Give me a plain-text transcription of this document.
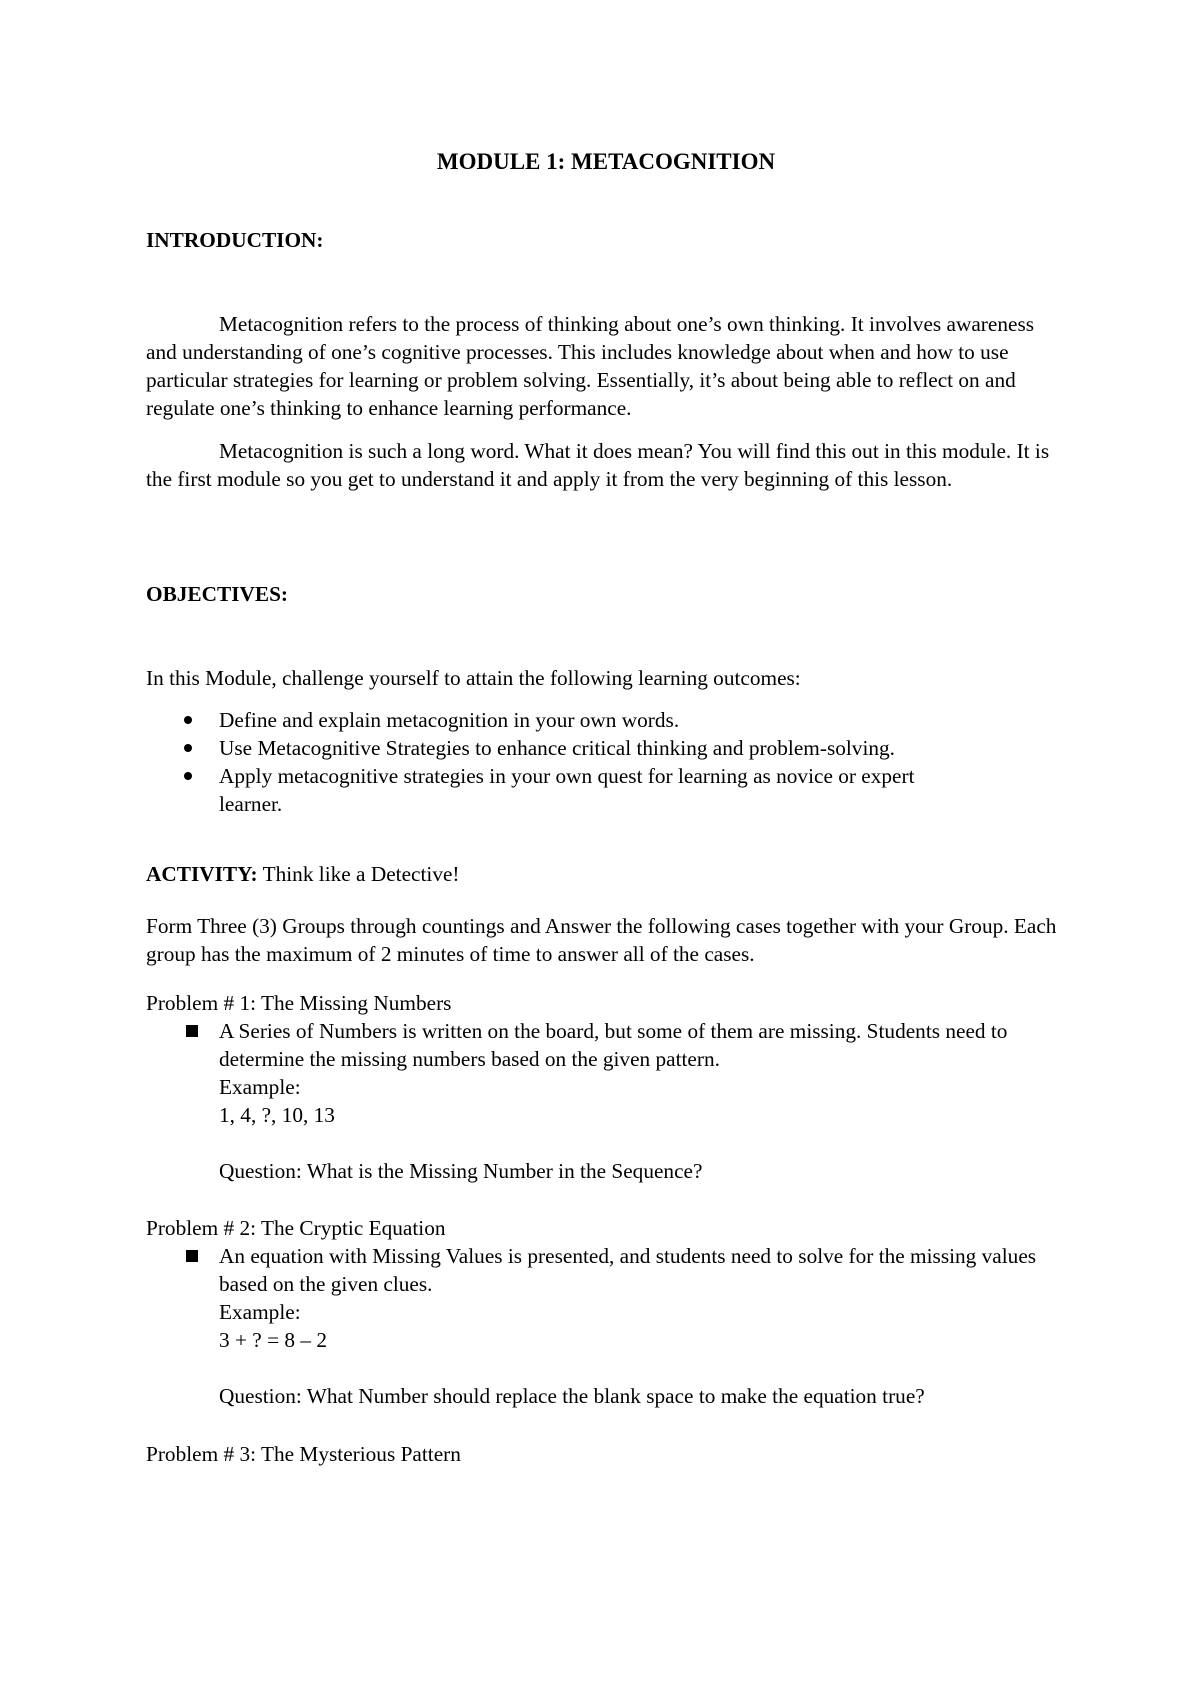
MODULE 1: METACOGNITION
INTRODUCTION:

Metacognition refers to the process of thinking about one’s own thinking. It involves awareness and understanding of one’s cognitive processes. This includes knowledge about when and how to use particular strategies for learning or problem solving. Essentially, it’s about being able to reflect on and regulate one’s thinking to enhance learning performance.

Metacognition is such a long word. What it does mean? You will find this out in this module. It is the first module so you get to understand it and apply it from the very beginning of this lesson.

OBJECTIVES:

In this Module, challenge yourself to attain the following learning outcomes:

Define and explain metacognition in your own words.
Use Metacognitive Strategies to enhance critical thinking and problem-solving.
Apply metacognitive strategies in your own quest for learning as novice or expert learner.

ACTIVITY: Think like a Detective!

Form Three (3) Groups through countings and Answer the following cases together with your Group. Each group has the maximum of 2 minutes of time to answer all of the cases.

Problem # 1: The Missing Numbers
A Series of Numbers is written on the board, but some of them are missing. Students need to determine the missing numbers based on the given pattern.
Example:
1, 4, ?, 10, 13
Question: What is the Missing Number in the Sequence?
Problem # 2: The Cryptic Equation
An equation with Missing Values is presented, and students need to solve for the missing values based on the given clues.
Example:
3 + ? = 8 – 2
Question: What Number should replace the blank space to make the equation true?
Problem # 3: The Mysterious Pattern
